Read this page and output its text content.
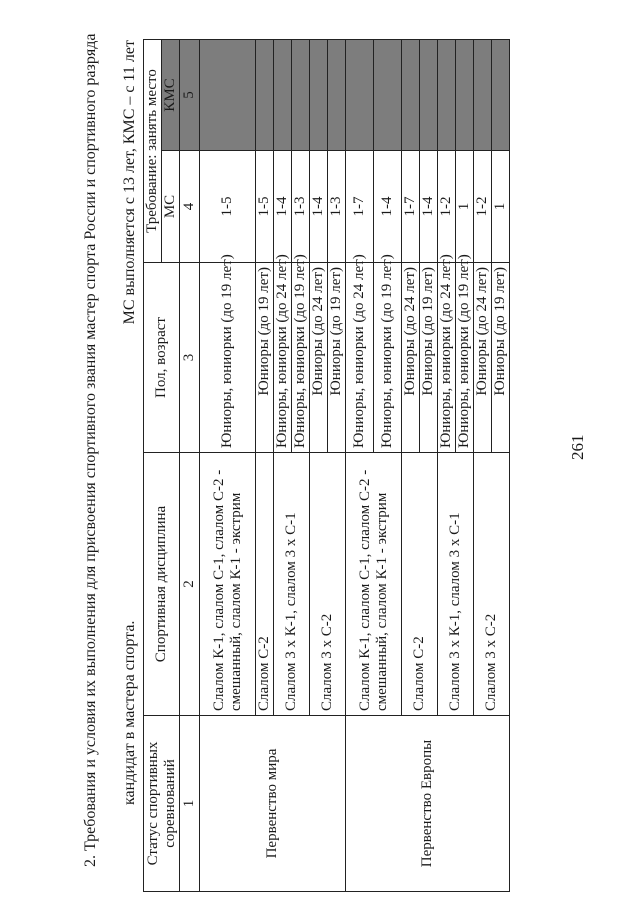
261
2. Требования и условия их выполнения для присвоения спортивного звания мастер спорта России и спортивного разряда кандидат в мастера спорта.
МС выполняется с 13 лет, КМС – с 11 лет
Статус спортивных соревнований	Спортивная дисциплина	Пол, возраст	Требование: занять место	
			МС	КМС
1	2	3	4	5
Первенство мира	Слалом К-1, слалом С-1, слалом С-2 - смешанный, слалом К-1 - экстрим	Юниоры, юниорки (до 19 лет)	1-5	
	Слалом С-2	Юниоры (до 19 лет)	1-5	
	Слалом 3 х К-1, слалом 3 х С-1	Юниоры, юниорки (до 24 лет)	1-4	
		Юниоры, юниорки (до 19 лет)	1-3	
	Слалом 3 х С-2	Юниоры (до 24 лет)	1-4	
		Юниоры (до 19 лет)	1-3	
Первенство Европы	Слалом К-1, слалом С-1, слалом С-2 - смешанный, слалом К-1 - экстрим	Юниоры, юниорки (до 24 лет)	1-7	
		Юниоры, юниорки (до 19 лет)	1-4	
	Слалом С-2	Юниоры (до 24 лет)	1-7	
		Юниоры (до 19 лет)	1-4	
	Слалом 3 х К-1, слалом 3 х С-1	Юниоры, юниорки (до 24 лет)	1-2	
		Юниоры, юниорки (до 19 лет)	1	
	Слалом 3 х С-2	Юниоры (до 24 лет)	1-2	
		Юниоры (до 19 лет)	1	
